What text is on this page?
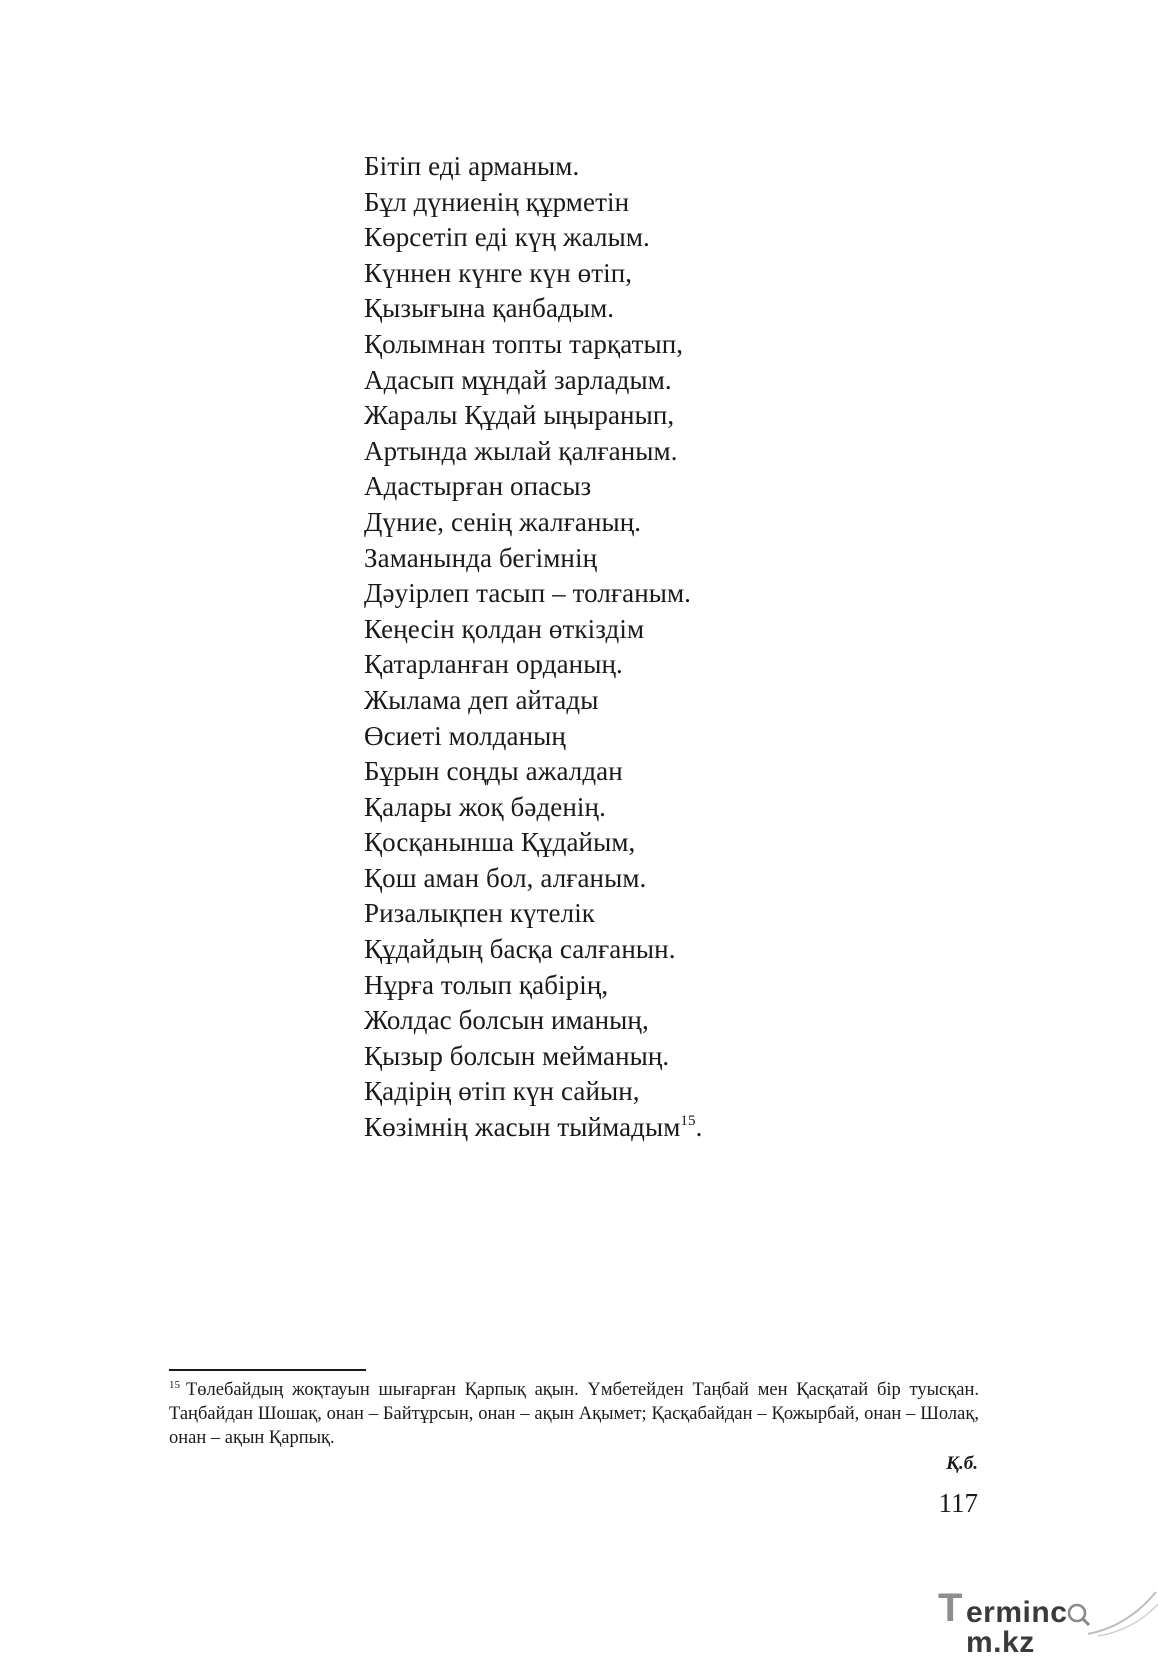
Бітіп еді арманым.
Бұл дүниенің құрметін
Көрсетіп еді күң жалым.
Күннен күнге күн өтіп,
Қызығына қанбадым.
Қолымнан топты тарқатып,
Адасып мұндай зарладым.
Жаралы Құдай ыңыранып,
Артында жылай қалғаным.
Адастырған опасыз
Дүние, сенің жалғаның.
Заманында бегімнің
Дәуірлеп тасып – толғаным.
Кеңесін қолдан өткіздім
Қатарланған орданың.
Жылама деп айтады
Өсиеті молданың
Бұрын соңды ажалдан
Қалары жоқ бәденің.
Қосқанынша Құдайым,
Қош аман бол, алғаным.
Ризалықпен күтелік
Құдайдың басқа салғанын.
Нұрға толып қабірің,
Жолдас болсын иманың,
Қызыр болсын мейманың.
Қадірің өтіп күн сайын,
Көзімнің жасын тыймадым$^{15}$.

$^{15}$ Төлебайдың жоқтауын шығарған Қарпық ақын. Үмбетейден Таңбай мен Қасқатай бір туысқан. Таңбайдан Шошақ, онан – Байтұрсын, онан – ақын Ақымет; Қасқабайдан – Қожырбай, онан – Шолақ, онан – ақын Қарпық.

Қ.б.
117
T erminc
m.kz
